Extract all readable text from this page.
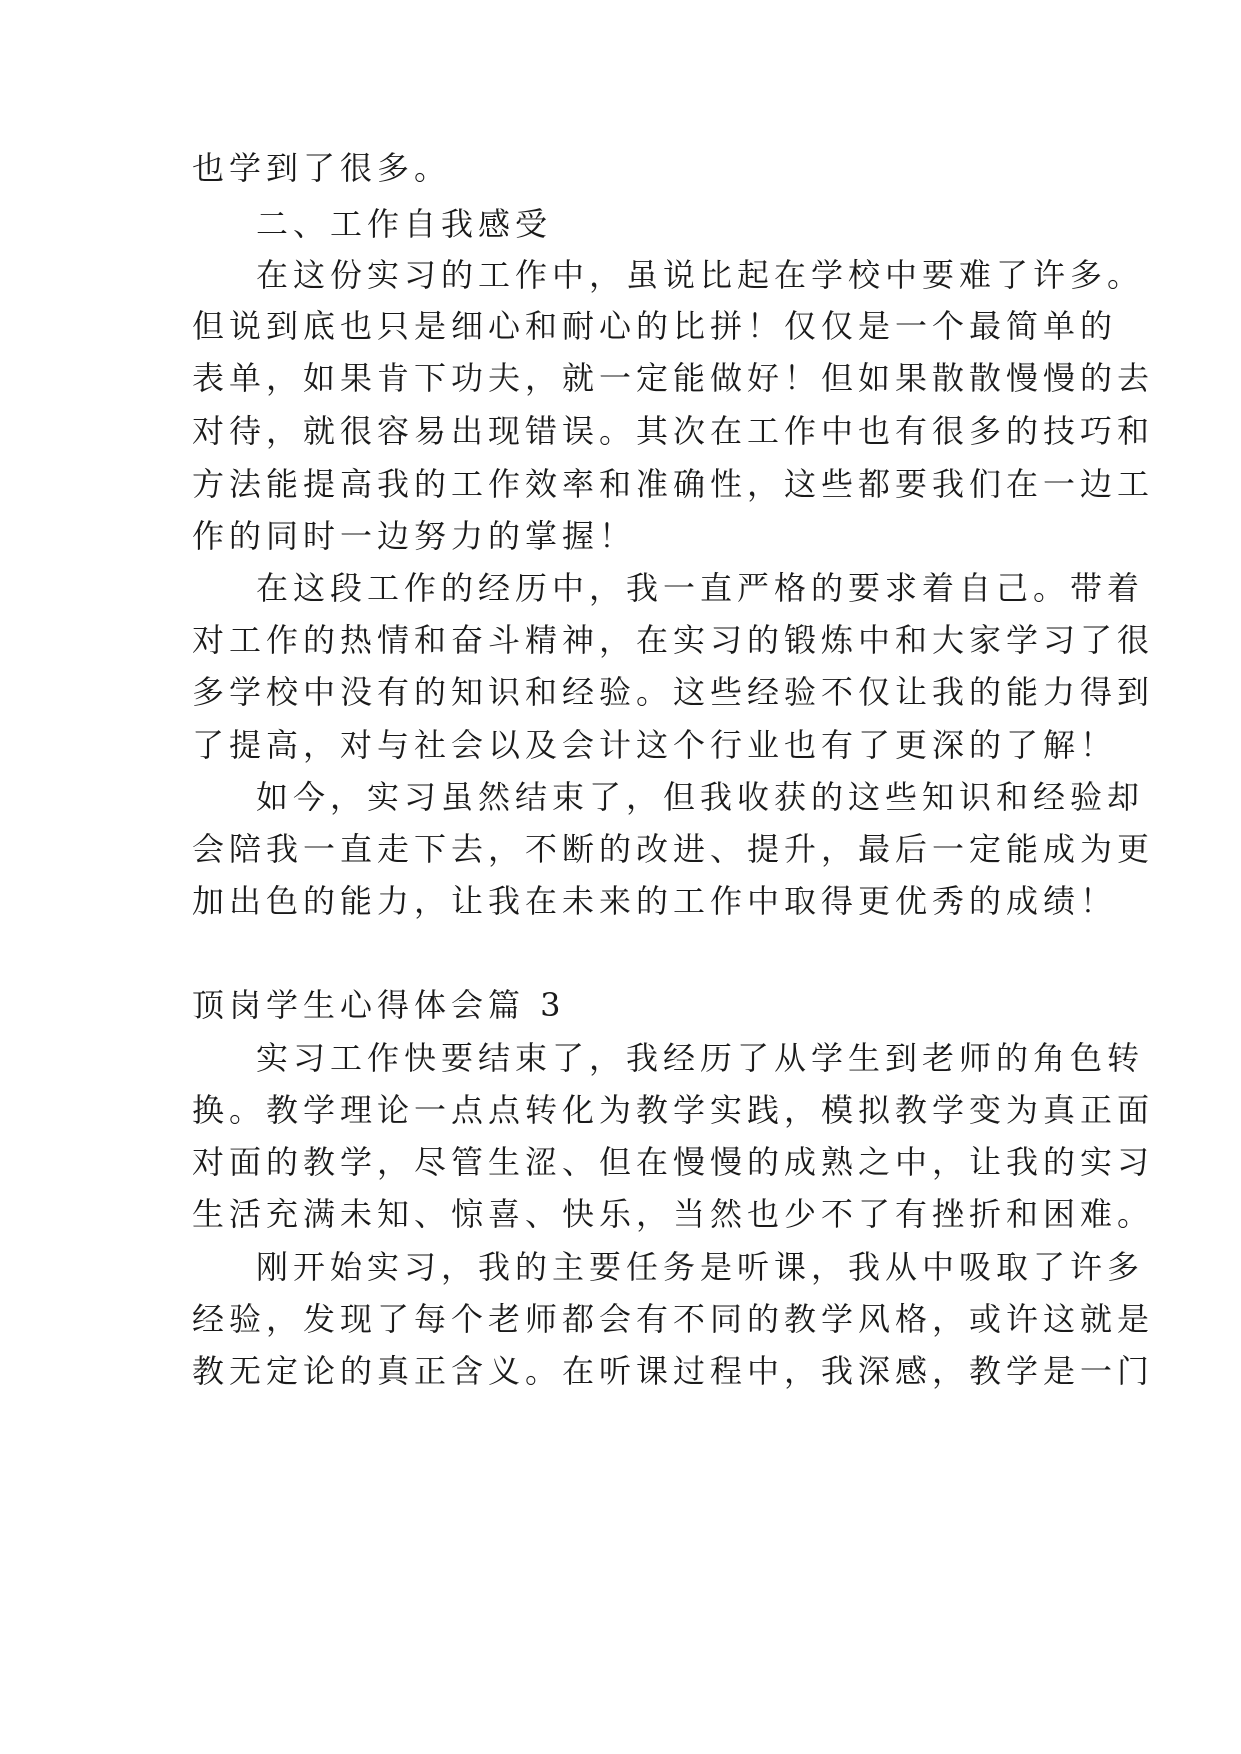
也学到了很多。
二、工作自我感受
在这份实习的工作中，虽说比起在学校中要难了许多。
但说到底也只是细心和耐心的比拼！仅仅是一个最简单的
表单，如果肯下功夫，就一定能做好！但如果散散慢慢的去
对待，就很容易出现错误。其次在工作中也有很多的技巧和
方法能提高我的工作效率和准确性，这些都要我们在一边工
作的同时一边努力的掌握！
在这段工作的经历中，我一直严格的要求着自己。带着
对工作的热情和奋斗精神，在实习的锻炼中和大家学习了很
多学校中没有的知识和经验。这些经验不仅让我的能力得到
了提高，对与社会以及会计这个行业也有了更深的了解！
如今，实习虽然结束了，但我收获的这些知识和经验却
会陪我一直走下去，不断的改进、提升，最后一定能成为更
加出色的能力，让我在未来的工作中取得更优秀的成绩！
顶岗学生心得体会篇 3
实习工作快要结束了，我经历了从学生到老师的角色转
换。教学理论一点点转化为教学实践，模拟教学变为真正面
对面的教学，尽管生涩、但在慢慢的成熟之中，让我的实习
生活充满未知、惊喜、快乐，当然也少不了有挫折和困难。
刚开始实习，我的主要任务是听课，我从中吸取了许多
经验，发现了每个老师都会有不同的教学风格，或许这就是
教无定论的真正含义。在听课过程中，我深感，教学是一门
